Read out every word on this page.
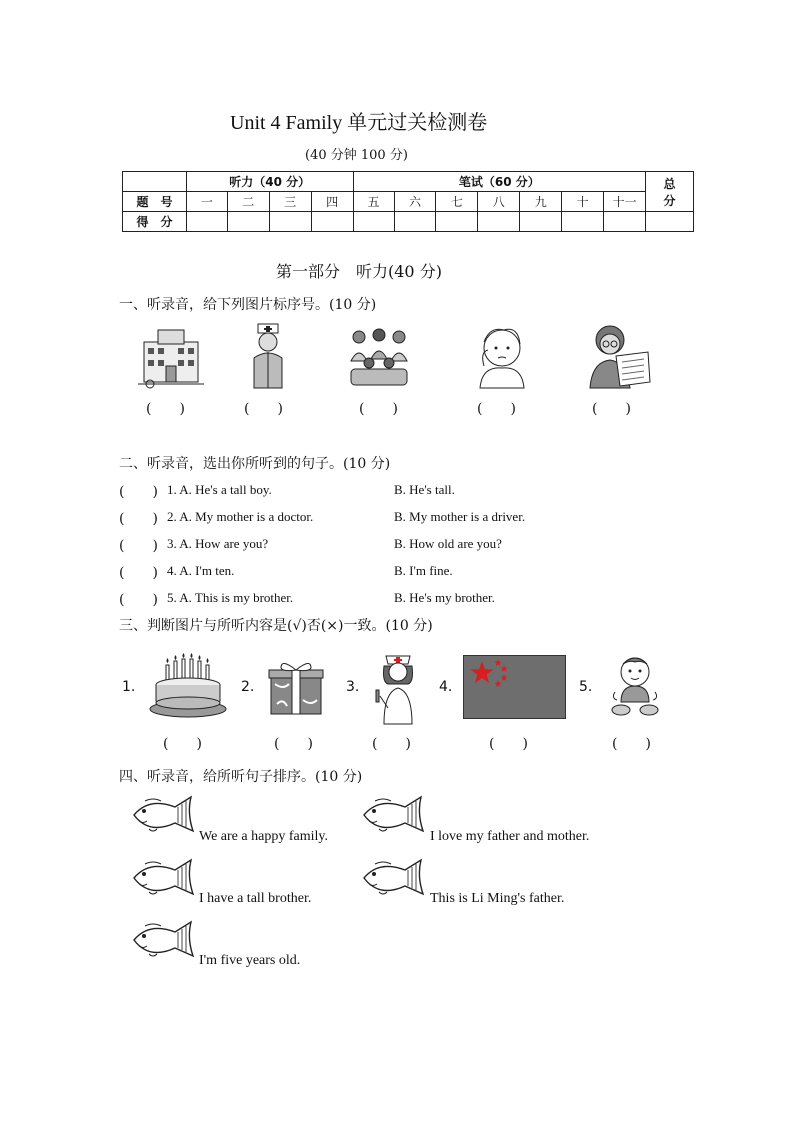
Unit 4 Family 单元过关检测卷
(40 分钟 100 分)
	听力（40 分）				笔试（60 分）							总
分

题　号	一	二	三	四	五	六	七	八	九	十	十一	
得　分												
第一部分　听力(40 分)
一、听录音，给下列图片标序号。(10 分)
(　　)	(　　)	(　　)	(　　)	(　　)
二、听录音，选出你所听到的句子。(10 分)
(　　) 1. A. He's a tall boy.	B. He's tall.
(　　) 2. A. My mother is a doctor.	B. My mother is a driver.
(　　) 3. A. How are you?	B. How old are you?
(　　) 4. A. I'm ten.	B. I'm fine.
(　　) 5. A. This is my brother.	B. He's my brother.
三、判断图片与所听内容是(√)否(×)一致。(10 分)
1.	2.	3.	4.	5.
(　　)	(　　)	(　　)	(　　)	(　　)
四、听录音，给所听句子排序。(10 分)
We are a happy family.	I love my father and mother.
I have a tall brother.	This is Li Ming's father.
I'm five years old.
